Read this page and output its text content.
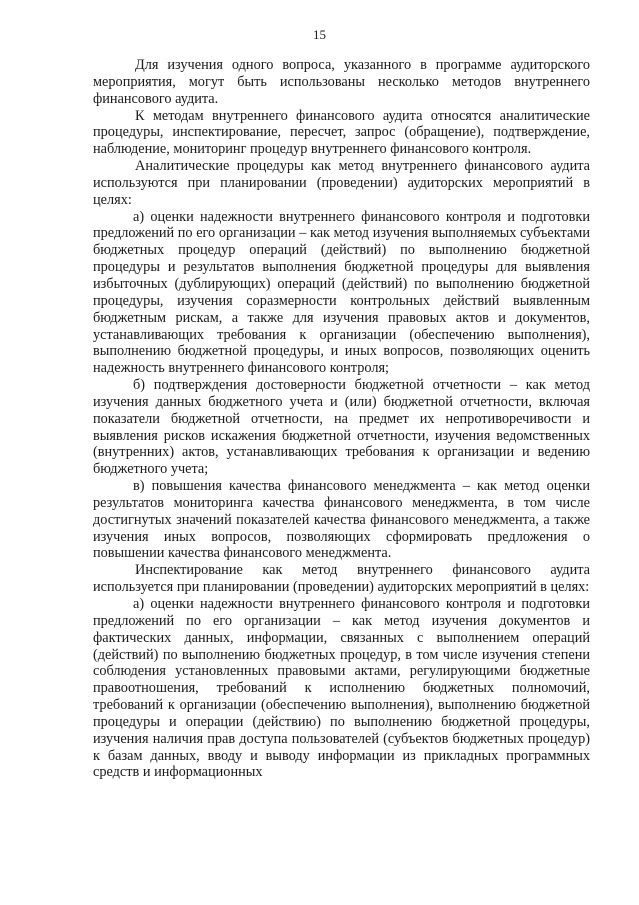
15

Для изучения одного вопроса, указанного в программе аудиторского мероприятия, могут быть использованы несколько методов внутреннего финансового аудита.

К методам внутреннего финансового аудита относятся аналитические процедуры, инспектирование, пересчет, запрос (обращение), подтверждение, наблюдение, мониторинг процедур внутреннего финансового контроля.

Аналитические процедуры как метод внутреннего финансового аудита используются при планировании (проведении) аудиторских мероприятий в целях:

а) оценки надежности внутреннего финансового контроля и подготовки предложений по его организации – как метод изучения выполняемых субъектами бюджетных процедур операций (действий) по выполнению бюджетной процедуры и результатов выполнения бюджетной процедуры для выявления избыточных (дублирующих) операций (действий) по выполнению бюджетной процедуры, изучения соразмерности контрольных действий выявленным бюджетным рискам, а также для изучения правовых актов и документов, устанавливающих требования к организации (обеспечению выполнения), выполнению бюджетной процедуры, и иных вопросов, позволяющих оценить надежность внутреннего финансового контроля;

б) подтверждения достоверности бюджетной отчетности – как метод изучения данных бюджетного учета и (или) бюджетной отчетности, включая показатели бюджетной отчетности, на предмет их непротиворечивости и выявления рисков искажения бюджетной отчетности, изучения ведомственных (внутренних) актов, устанавливающих требования к организации и ведению бюджетного учета;

в) повышения качества финансового менеджмента – как метод оценки результатов мониторинга качества финансового менеджмента, в том числе достигнутых значений показателей качества финансового менеджмента, а также изучения иных вопросов, позволяющих сформировать предложения о повышении качества финансового менеджмента.

Инспектирование как метод внутреннего финансового аудита используется при планировании (проведении) аудиторских мероприятий в целях:

а) оценки надежности внутреннего финансового контроля и подготовки предложений по его организации – как метод изучения документов и фактических данных, информации, связанных с выполнением операций (действий) по выполнению бюджетных процедур, в том числе изучения степени соблюдения установленных правовыми актами, регулирующими бюджетные правоотношения, требований к исполнению бюджетных полномочий, требований к организации (обеспечению выполнения), выполнению бюджетной процедуры и операции (действию) по выполнению бюджетной процедуры, изучения наличия прав доступа пользователей (субъектов бюджетных процедур) к базам данных, вводу и выводу информации из прикладных программных средств и информационных
